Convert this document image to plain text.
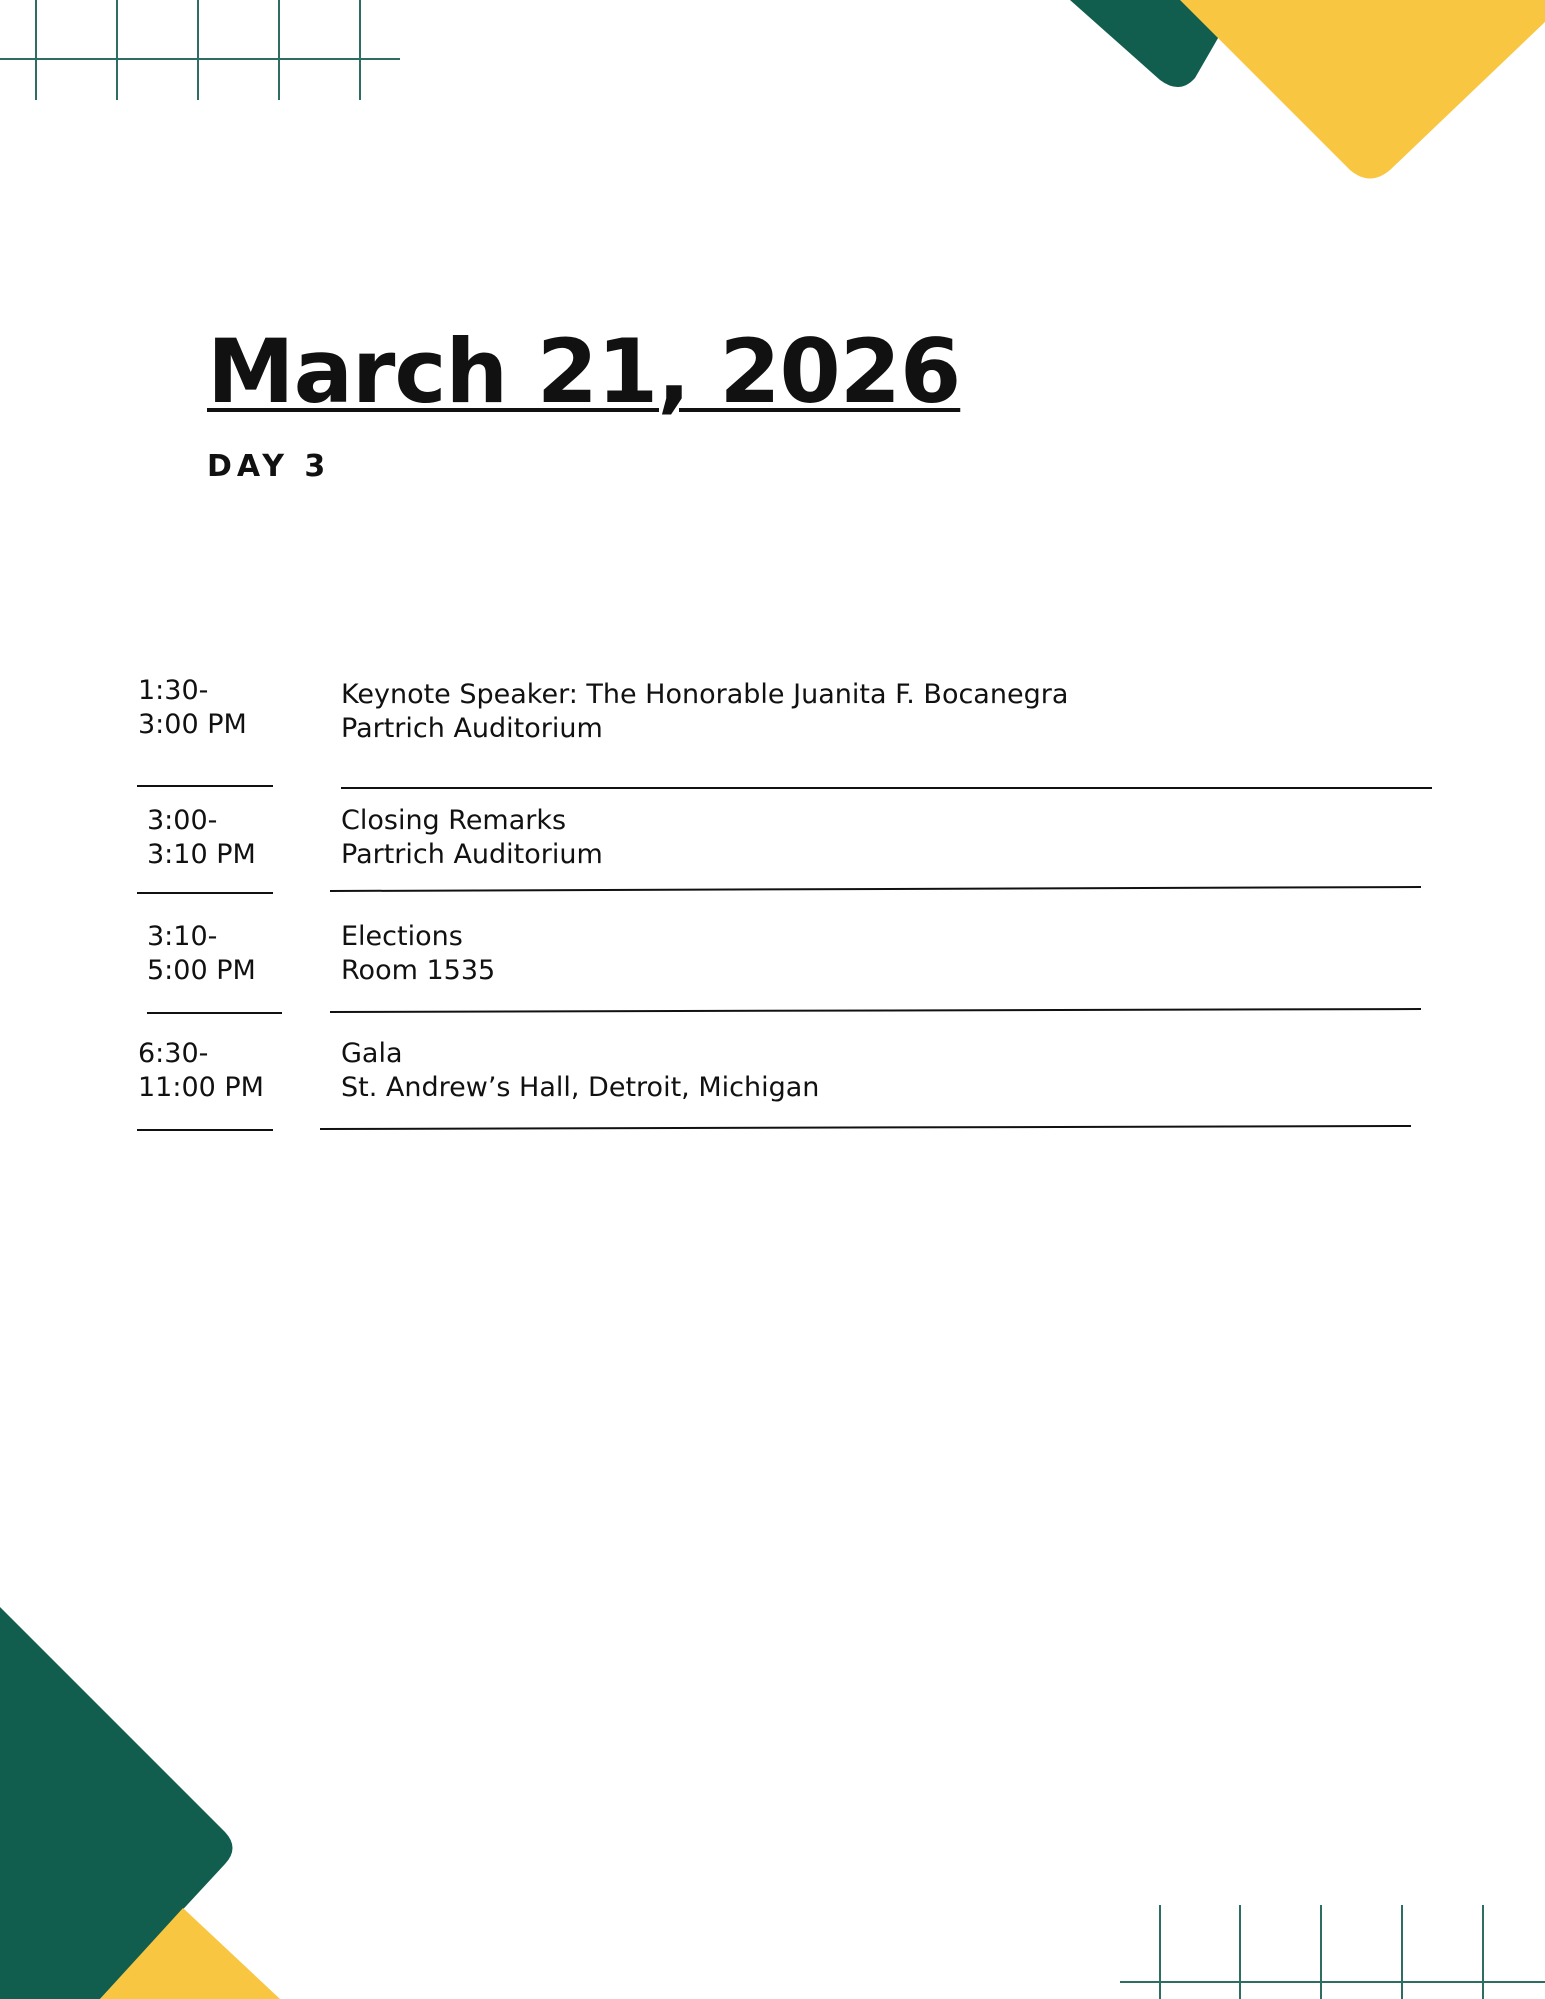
March 21, 2026
DAY 3
1:30-
3:00 PM
Keynote Speaker: The Honorable Juanita F. Bocanegra
Partrich Auditorium
3:00-
3:10 PM
Closing Remarks
Partrich Auditorium
3:10-
5:00 PM
Elections
Room 1535
6:30-
11:00 PM
Gala
St. Andrew’s Hall, Detroit, Michigan
